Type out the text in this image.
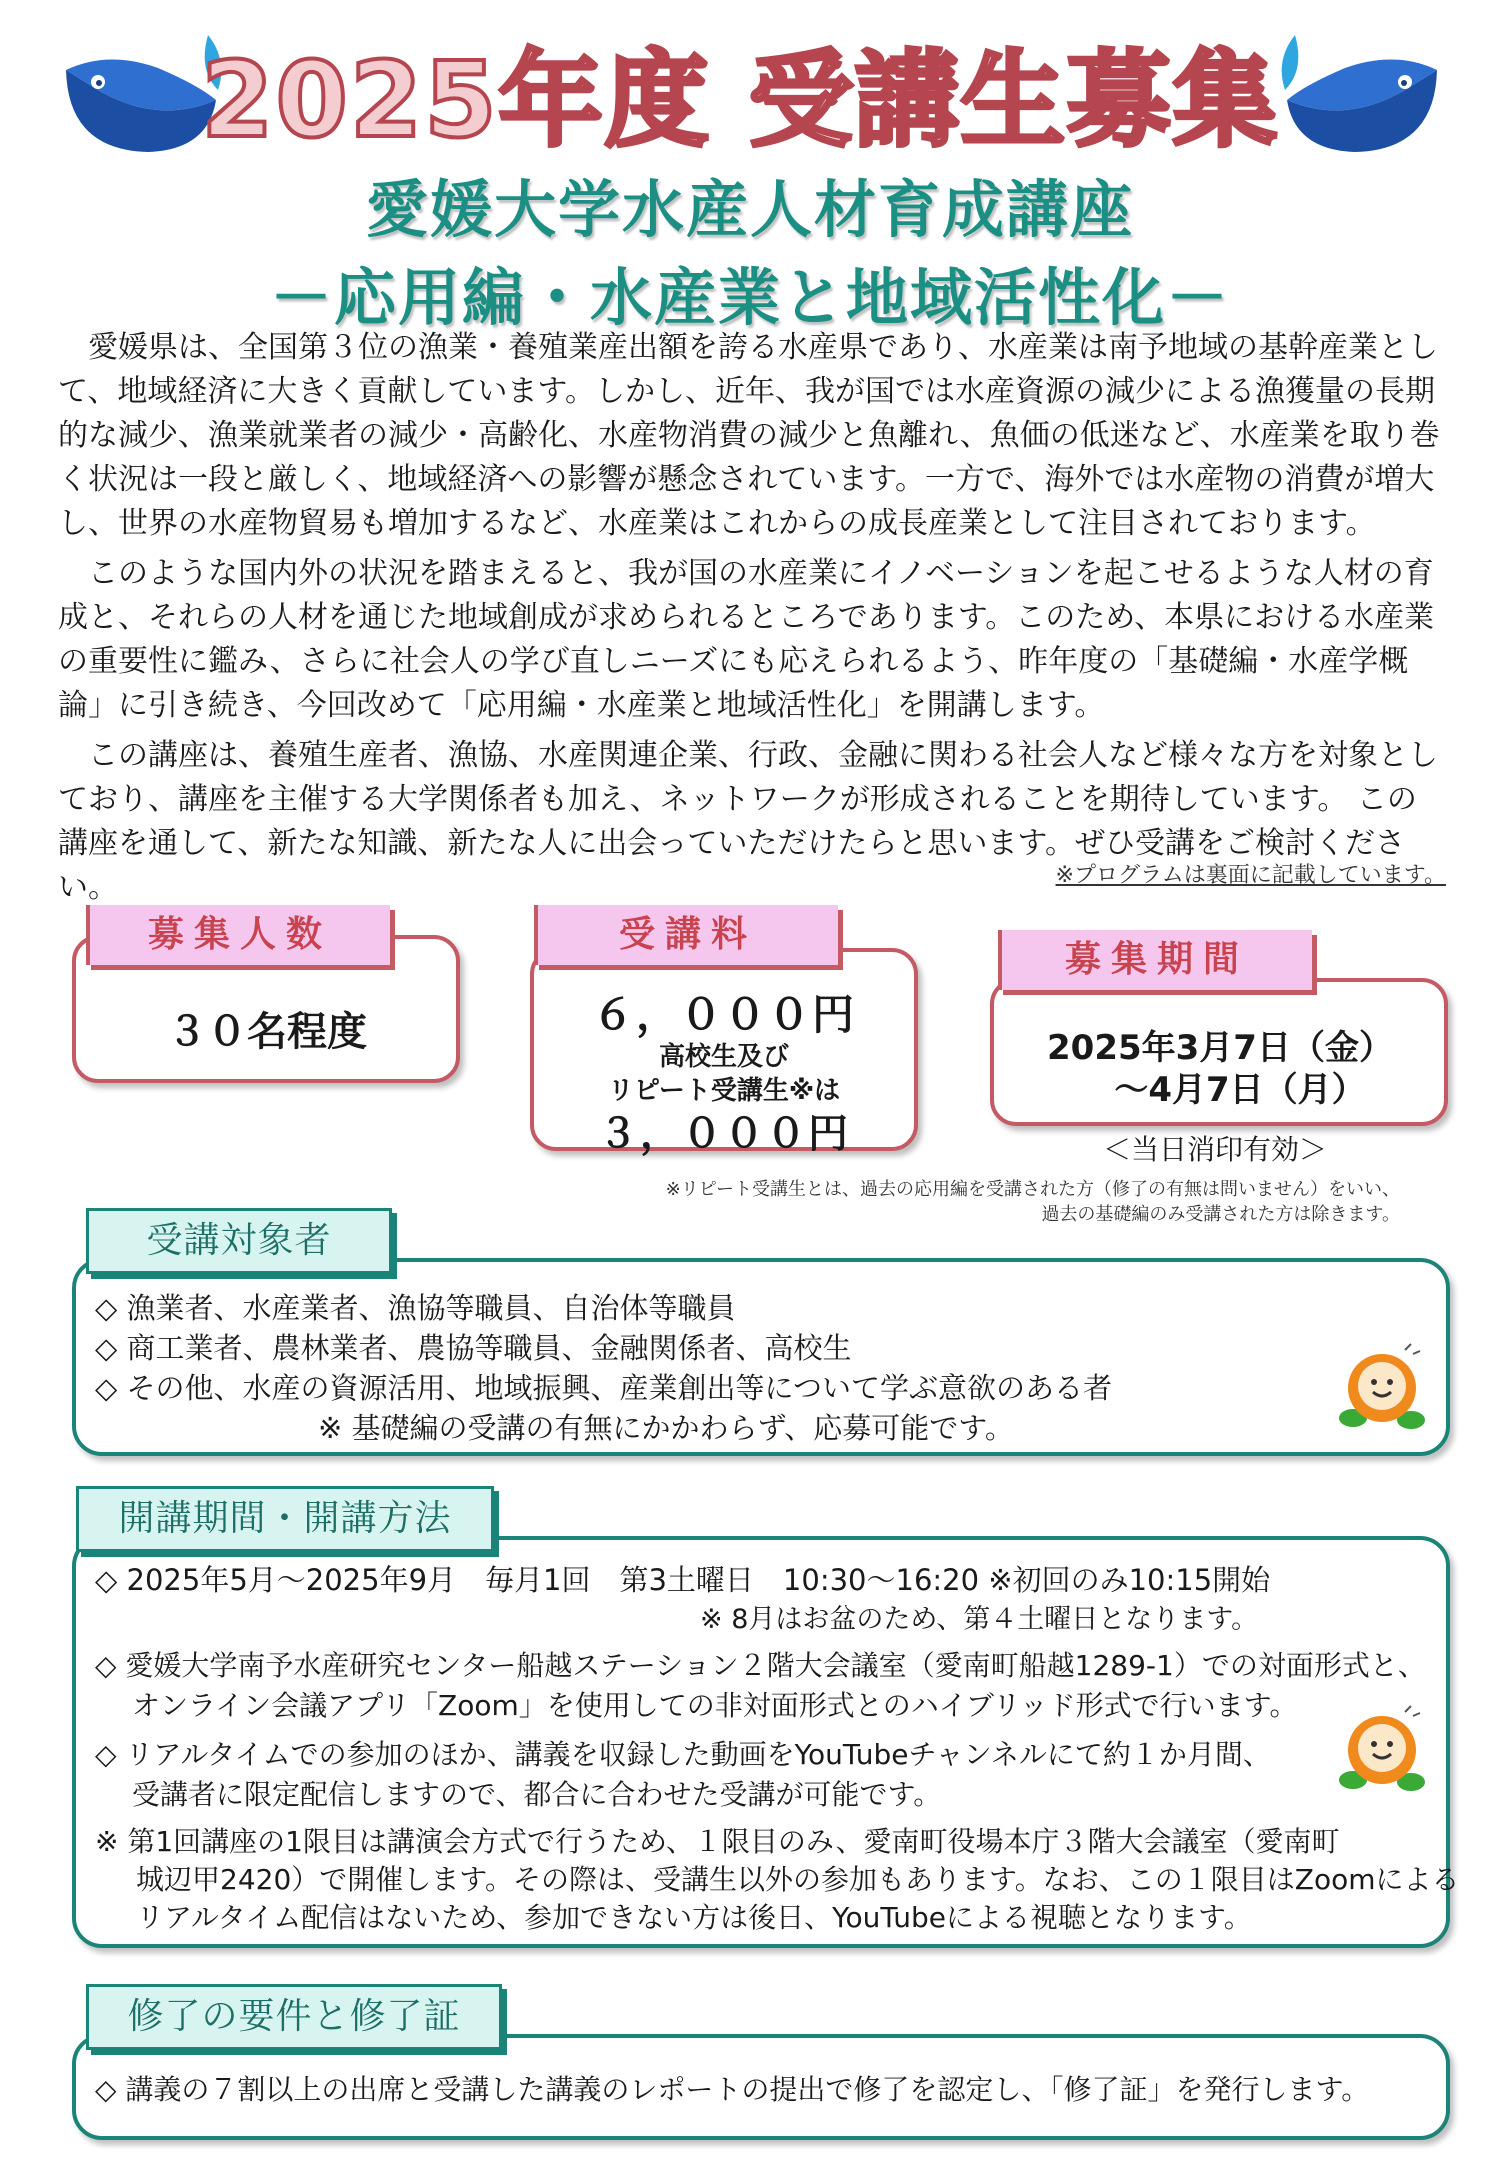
2025年度 受講生募集
愛媛大学水産人材育成講座
－応用編・水産業と地域活性化－

愛媛県は、全国第３位の漁業・養殖業産出額を誇る水産県であり、水産業は南予地域の基幹産業として、地域経済に大きく貢献しています。しかし、近年、我が国では水産資源の減少による漁獲量の長期的な減少、漁業就業者の減少・高齢化、水産物消費の減少と魚離れ、魚価の低迷など、水産業を取り巻く状況は一段と厳しく、地域経済への影響が懸念されています。一方で、海外では水産物の消費が増大し、世界の水産物貿易も増加するなど、水産業はこれからの成長産業として注目されております。

このような国内外の状況を踏まえると、我が国の水産業にイノベーションを起こせるような人材の育成と、それらの人材を通じた地域創成が求められるところであります。このため、本県における水産業の重要性に鑑み、さらに社会人の学び直しニーズにも応えられるよう、昨年度の「基礎編・水産学概論」に引き続き、今回改めて「応用編・水産業と地域活性化」を開講します。

この講座は、養殖生産者、漁協、水産関連企業、行政、金融に関わる社会人など様々な方を対象としており、講座を主催する大学関係者も加え、ネットワークが形成されることを期待しています。 この講座を通して、新たな知識、新たな人に出会っていただけたらと思います。ぜひ受講をご検討ください。	※プログラムは裏面に記載しています。
募集人数
３０名程度
受講料
６，０００円
高校生及び
リピート受講生※は
３，０００円
募集期間
2025年3月7日（金）
～4月7日（月）
＜当日消印有効＞
※リピート受講生とは、過去の応用編を受講された方（修了の有無は問いません）をいい、
過去の基礎編のみ受講された方は除きます。
受講対象者
◇ 漁業者、水産業者、漁協等職員、自治体等職員
◇ 商工業者、農林業者、農協等職員、金融関係者、高校生
◇ その他、水産の資源活用、地域振興、産業創出等について学ぶ意欲のある者
※ 基礎編の受講の有無にかかわらず、応募可能です。
開講期間・開講方法
◇ 2025年5月～2025年9月　毎月1回　第3土曜日　10:30～16:20 ※初回のみ10:15開始
※ 8月はお盆のため、第４土曜日となります。
◇ 愛媛大学南予水産研究センター船越ステーション２階大会議室（愛南町船越1289-1）での対面形式と、
オンライン会議アプリ「Zoom」を使用しての非対面形式とのハイブリッド形式で行います。
◇ リアルタイムでの参加のほか、講義を収録した動画をYouTubeチャンネルにて約１か月間、
受講者に限定配信しますので、都合に合わせた受講が可能です。
※ 第1回講座の1限目は講演会方式で行うため、１限目のみ、愛南町役場本庁３階大会議室（愛南町
城辺甲2420）で開催します。その際は、受講生以外の参加もあります。なお、この１限目はZoomによる
リアルタイム配信はないため、参加できない方は後日、YouTubeによる視聴となります。
修了の要件と修了証
◇ 講義の７割以上の出席と受講した講義のレポートの提出で修了を認定し、「修了証」を発行します。
